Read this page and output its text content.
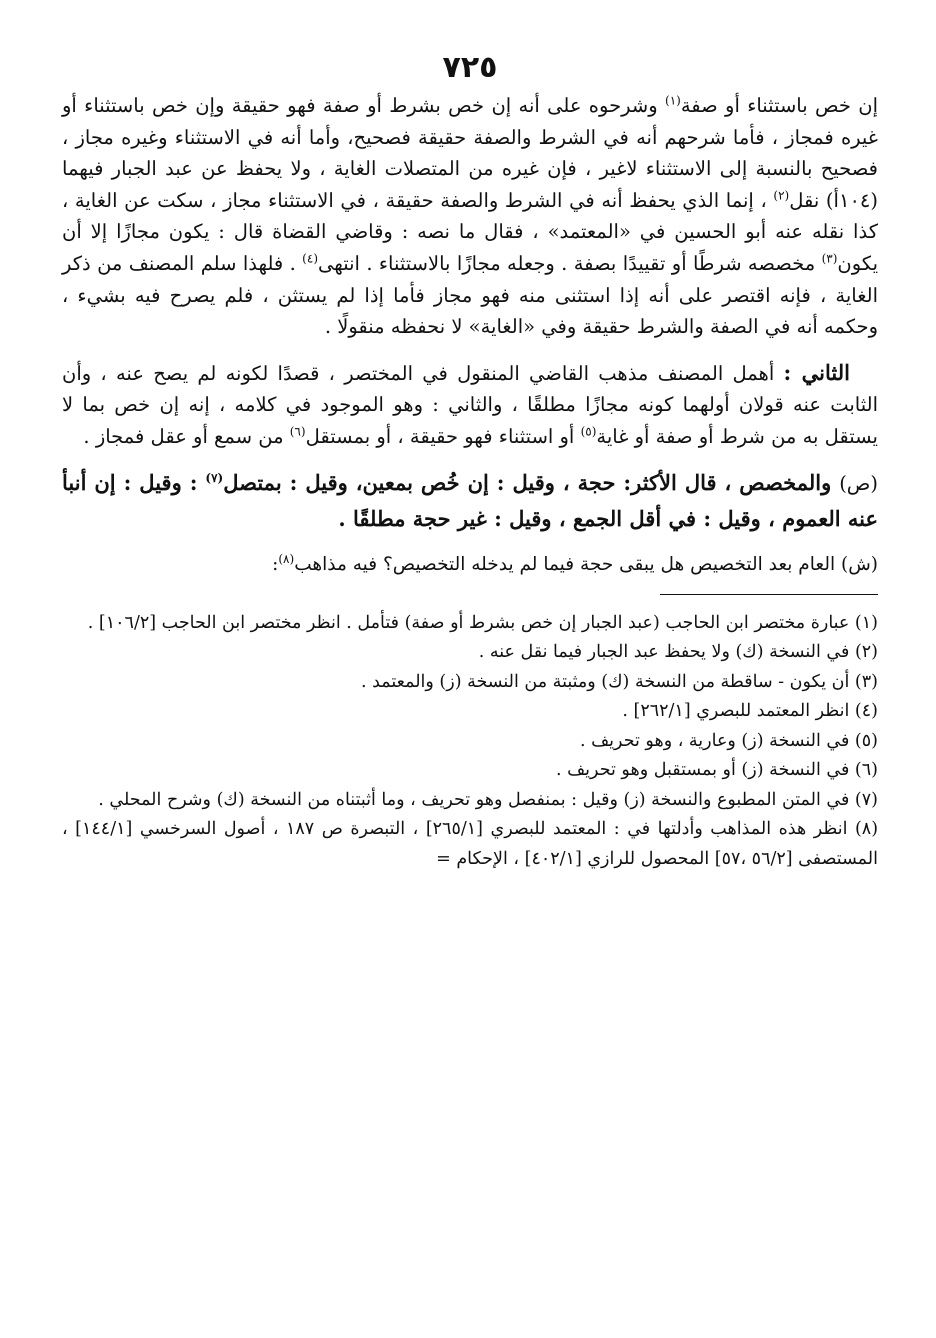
٧٢٥

إن خص باستثناء أو صفة$^{(١)}$ وشرحوه على أنه إن خص بشرط أو صفة فهو حقيقة وإن خص باستثناء أو غيره فمجاز ، فأما شرحهم أنه في الشرط والصفة حقيقة فصحيح، وأما أنه في الاستثناء وغيره مجاز ، فصحيح بالنسبة إلى الاستثناء لاغير ، فإن غيره من المتصلات الغاية ، ولا يحفظ عن عبد الجبار فيهما (١٠٤أ) نقل$^{(٢)}$ ، إنما الذي يحفظ أنه في الشرط والصفة حقيقة ، في الاستثناء مجاز ، سكت عن الغاية ، كذا نقله عنه أبو الحسين في «المعتمد» ، فقال ما نصه : وقاضي القضاة قال : يكون مجازًا إلا أن يكون$^{(٣)}$ مخصصه شرطًا أو تقييدًا بصفة . وجعله مجازًا بالاستثناء . انتهى$^{(٤)}$ . فلهذا سلم المصنف من ذكر الغاية ، فإنه اقتصر على أنه إذا استثنى منه فهو مجاز فأما إذا لم يستثن ، فلم يصرح فيه بشيء ، وحكمه أنه في الصفة والشرط حقيقة وفي «الغاية» لا نحفظه منقولًا .

الثاني : أهمل المصنف مذهب القاضي المنقول في المختصر ، قصدًا لكونه لم يصح عنه ، وأن الثابت عنه قولان أولهما كونه مجازًا مطلقًا ، والثاني : وهو الموجود في كلامه ، إنه إن خص بما لا يستقل به من شرط أو صفة أو غاية$^{(٥)}$ أو استثناء فهو حقيقة ، أو بمستقل$^{(٦)}$ من سمع أو عقل فمجاز .

(ص) والمخصص ، قال الأكثر: حجة ، وقيل : إن خُص بمعين، وقيل : بمتصل$^{(٧)}$ : وقيل : إن أنبأ عنه العموم ، وقيل : في أقل الجمع ، وقيل : غير حجة مطلقًا .

(ش) العام بعد التخصيص هل يبقى حجة فيما لم يدخله التخصيص؟ فيه مذاهب$^{(٨)}$:

(١) عبارة مختصر ابن الحاجب (عبد الجبار إن خص بشرط أو صفة) فتأمل . انظر مختصر ابن الحاجب [١٠٦/٢] .
(٢) في النسخة (ك) ولا يحفظ عبد الجبار فيما نقل عنه .
(٣) أن يكون - ساقطة من النسخة (ك) ومثبتة من النسخة (ز) والمعتمد .
(٤) انظر المعتمد للبصري [٢٦٢/١] .
(٥) في النسخة (ز) وعارية ، وهو تحريف .
(٦) في النسخة (ز) أو بمستقبل وهو تحريف .
(٧) في المتن المطبوع والنسخة (ز) وقيل : بمنفصل وهو تحريف ، وما أثبتناه من النسخة (ك) وشرح المحلي .
(٨) انظر هذه المذاهب وأدلتها في : المعتمد للبصري [٢٦٥/١] ، التبصرة ص ١٨٧ ، أصول السرخسي [١٤٤/١] ، المستصفى [٥٦/٢ ،٥٧] المحصول للرازي [٤٠٢/١] ، الإحكام =
